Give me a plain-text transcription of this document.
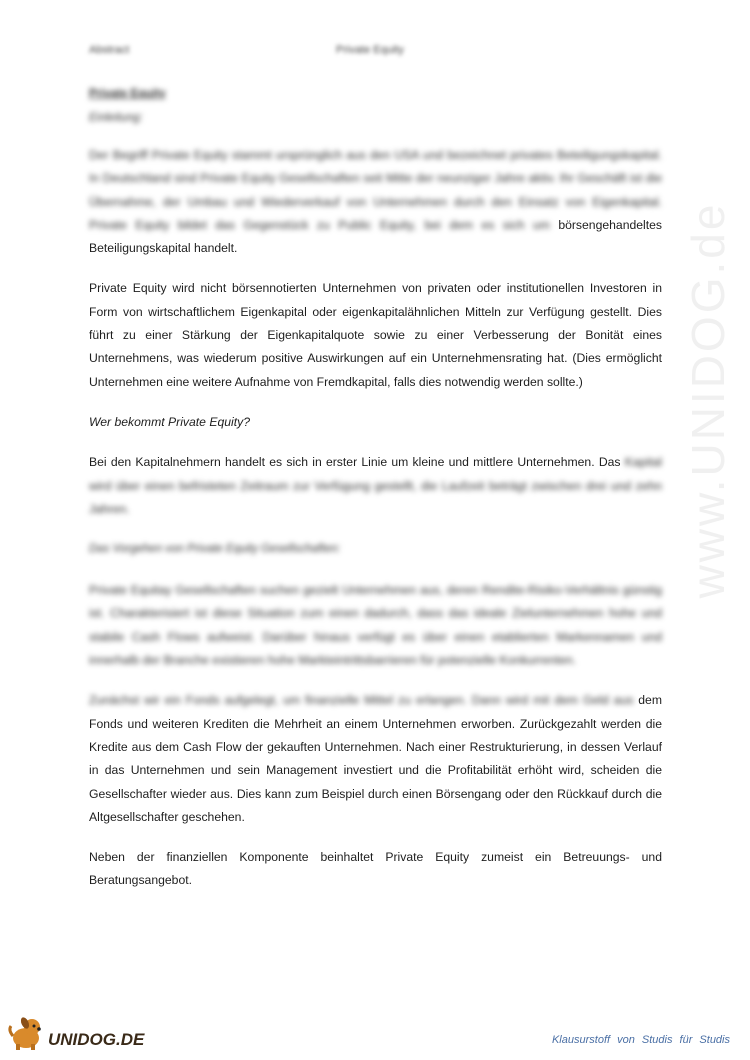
Abstract	Private Equity
www.UNIDOG.de
Private Equity
Einleitung:

Der Begriff Private Equity stammt ursprünglich aus den USA und bezeichnet privates Beteiligungskapital. In Deutschland sind Private Equity Gesellschaften seit Mitte der neunziger Jahre aktiv. Ihr Geschäft ist die Übernahme, der Umbau und Wiederverkauf von Unternehmen durch den Einsatz von Eigenkapital. Private Equity bildet das Gegenstück zu Public Equity, bei dem es sich um börsengehandeltes Beteiligungskapital handelt.

Private Equity wird nicht börsennotierten Unternehmen von privaten oder institutionellen Investoren in Form von wirtschaftlichem Eigenkapital oder eigenkapitalähnlichen Mitteln zur Verfügung gestellt. Dies führt zu einer Stärkung der Eigenkapitalquote sowie zu einer Verbesserung der Bonität eines Unternehmens, was wiederum positive Auswirkungen auf ein Unternehmensrating hat. (Dies ermöglicht Unternehmen eine weitere Aufnahme von Fremdkapital, falls dies notwendig werden sollte.)

Wer bekommt Private Equity?

Bei den Kapitalnehmern handelt es sich in erster Linie um kleine und mittlere Unternehmen. Das Kapital wird über einen befristeten Zeitraum zur Verfügung gestellt, die Laufzeit beträgt zwischen drei und zehn Jahren.

Das Vorgehen von Private Equity Gesellschaften:

Private Equitay Gesellschaften suchen gezielt Unternehmen aus, deren Rendite-Risiko-Verhältnis günstig ist. Charakterisiert ist diese Situation zum einen dadurch, dass das ideale Zielunternehmen hohe und stabile Cash Flows aufweist. Darüber hinaus verfügt es über einen etablierten Markennamen und innerhalb der Branche existieren hohe Markteintrittsbarrieren für potenzielle Konkurrenten.

Zunächst wir ein Fonds aufgelegt, um finanzielle Mittel zu erlangen. Dann wird mit dem Geld aus dem Fonds und weiteren Krediten die Mehrheit an einem Unternehmen erworben. Zurückgezahlt werden die Kredite aus dem Cash Flow der gekauften Unternehmen. Nach einer Restrukturierung, in dessen Verlauf in das Unternehmen und sein Management investiert und die Profitabilität erhöht wird, scheiden die Gesellschafter wieder aus. Dies kann zum Beispiel durch einen Börsengang oder den Rückkauf durch die Altgesellschafter geschehen.

Neben der finanziellen Komponente beinhaltet Private Equity zumeist ein Betreuungs- und Beratungsangebot.

UNIDOG.DE	Klausurstoff von Studis für Studis
